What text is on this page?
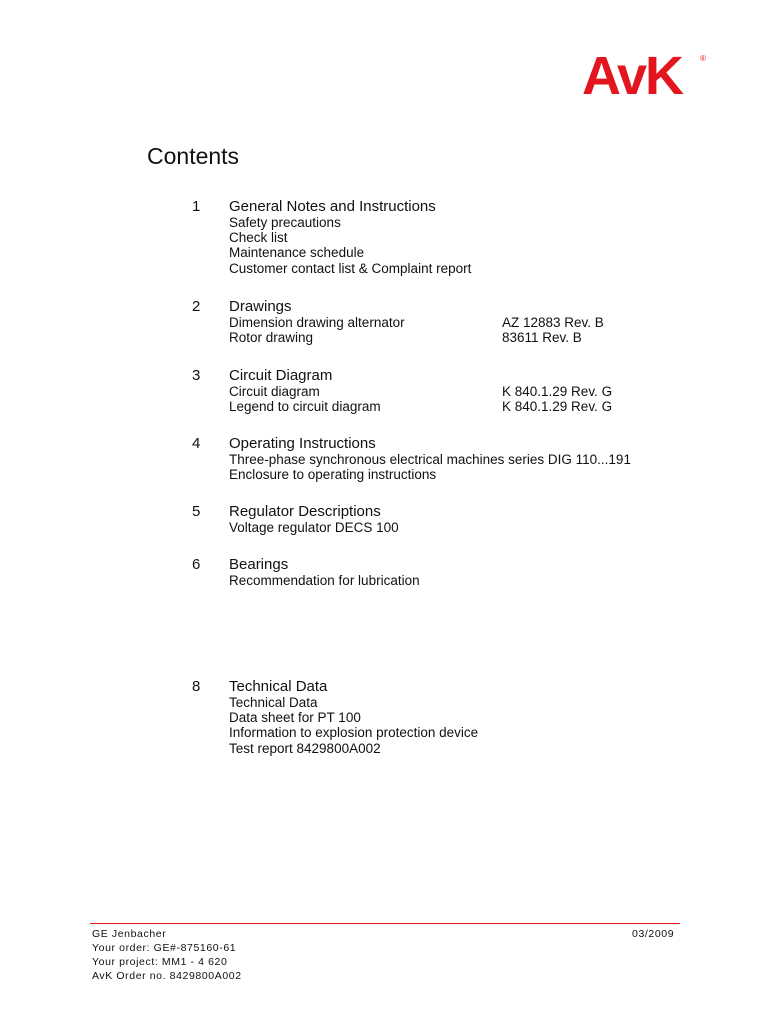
AvK ®
Contents
1 General Notes and Instructions
Safety precautions
Check list
Maintenance schedule
Customer contact list & Complaint report
2 Drawings
Dimension drawing alternator	AZ 12883 Rev. B
Rotor drawing	83611 Rev. B
3 Circuit Diagram
Circuit diagram	K 840.1.29 Rev. G
Legend to circuit diagram	K 840.1.29 Rev. G
4 Operating Instructions
Three-phase synchronous electrical machines series DIG 110...191
Enclosure to operating instructions
5 Regulator Descriptions
Voltage regulator DECS 100
6 Bearings
Recommendation for lubrication
8 Technical Data
Technical Data
Data sheet for PT 100
Information to explosion protection device
Test report 8429800A002
GE Jenbacher
Your order: GE#-875160-61
Your project: MM1 - 4 620
AvK Order no. 8429800A002
03/2009
